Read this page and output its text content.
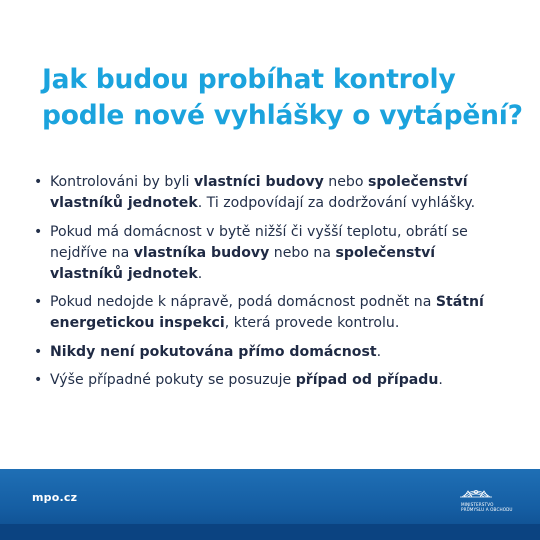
Jak budou probíhat kontroly
podle nové vyhlášky o vytápění?
• Kontrolováni by byli vlastníci budovy nebo společenství vlastníků jednotek. Ti zodpovídají za dodržování vyhlášky.
• Pokud má domácnost v bytě nižší či vyšší teplotu, obrátí se nejdříve na vlastníka budovy nebo na společenství vlastníků jednotek.
• Pokud nedojde k nápravě, podá domácnost podnět na Státní energetickou inspekci, která provede kontrolu.
• Nikdy není pokutována přímo domácnost.
• Výše případné pokuty se posuzuje případ od případu.
mpo.cz
MINISTERSTVO
PRŮMYSLU A OBCHODU
